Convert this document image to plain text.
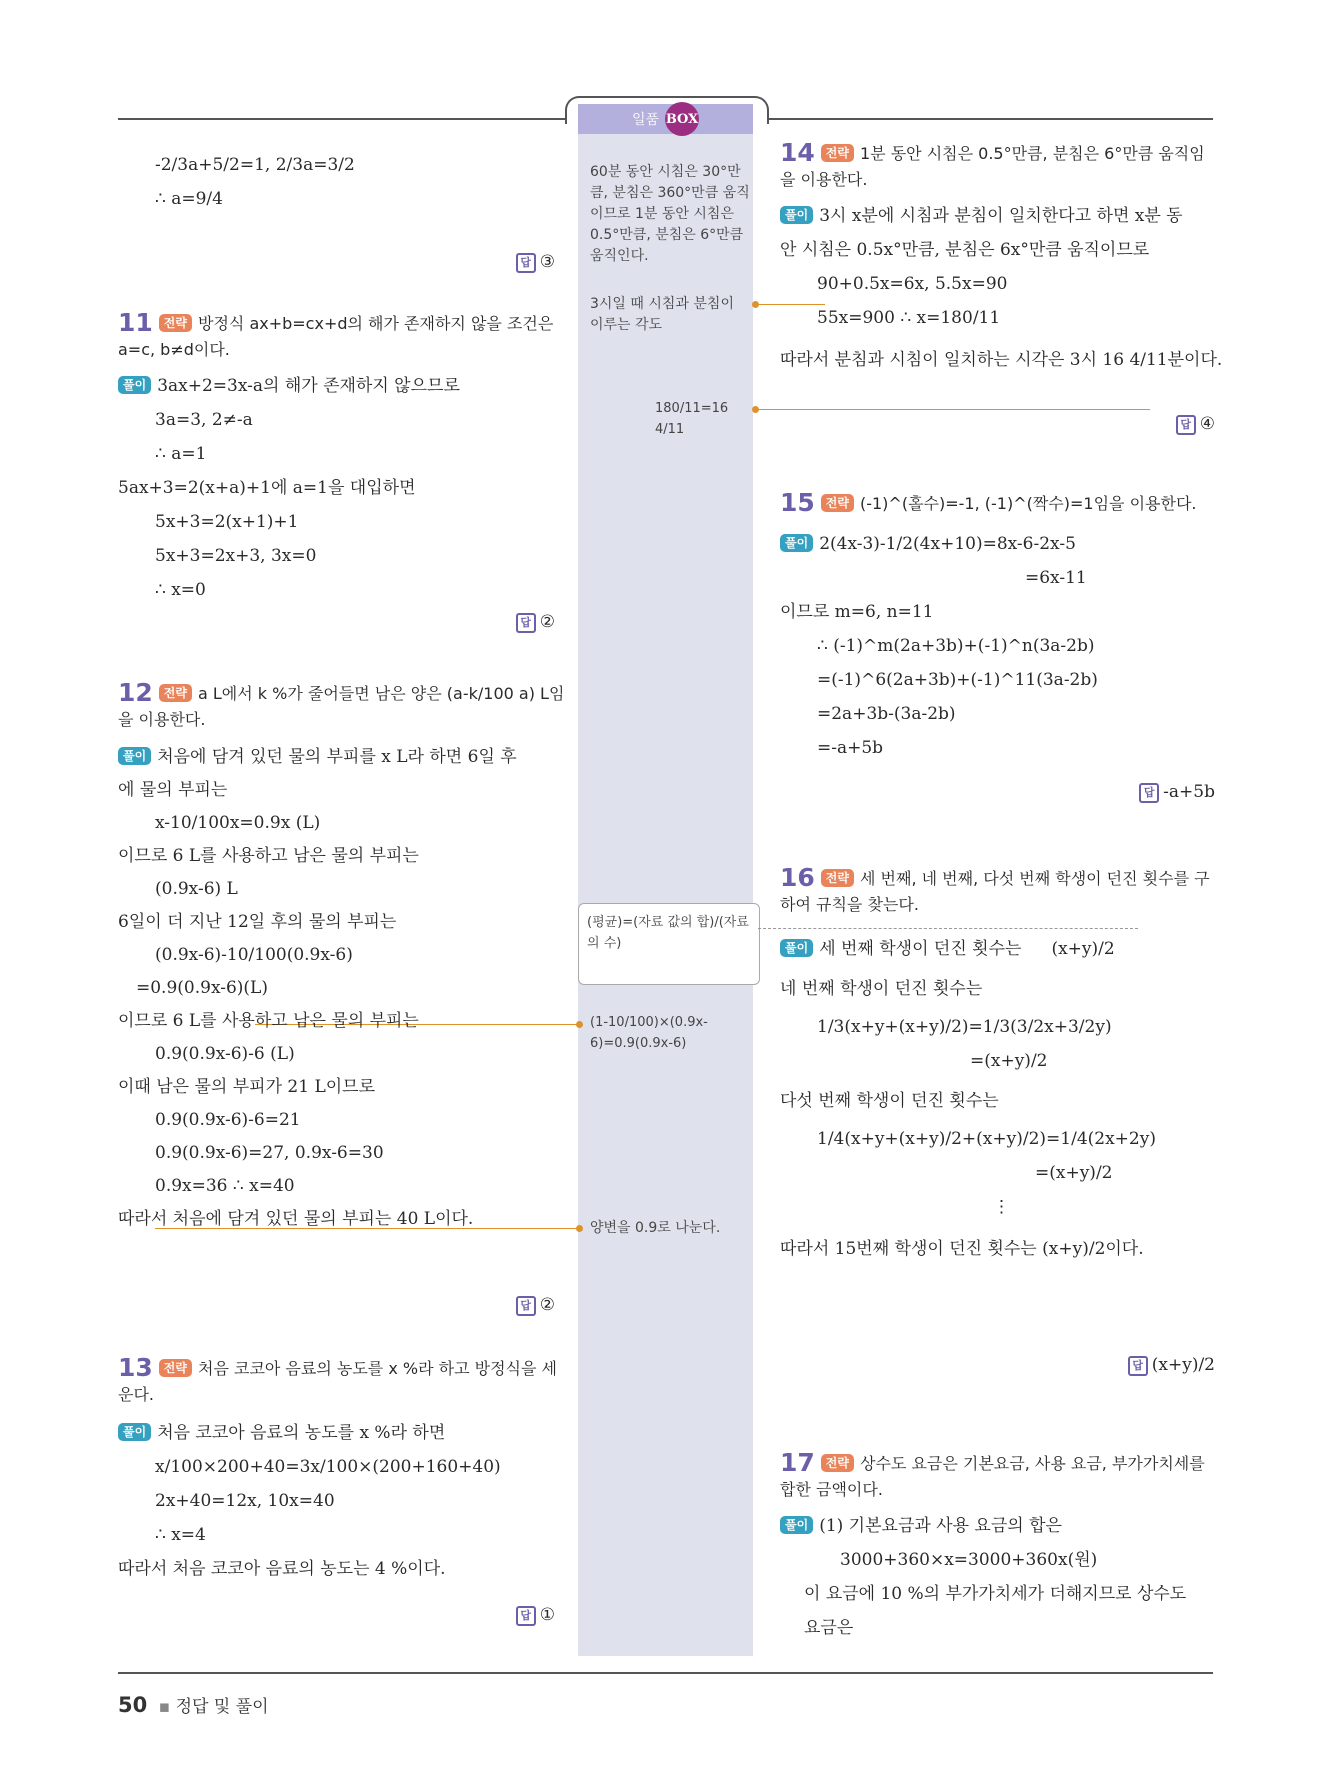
일품 BOX
60분 동안 시침은 30°만큼, 분침은 360°만큼 움직이므로 1분 동안 시침은 0.5°만큼, 분침은 6°만큼 움직인다.
3시일 때 시침과 분침이 이루는 각도
180/11=16 4/11
(평균)=(자료 값의 합)/(자료의 수)
(1-10/100)×(0.9x-6)=0.9(0.9x-6)
양변을 0.9로 나눈다.
-2/3a+5/2=1, 2/3a=3/2
∴ a=9/4
답 ③
11 전략 방정식 ax+b=cx+d의 해가 존재하지 않을 조건은 a=c, b≠d이다.
풀이 3ax+2=3x-a의 해가 존재하지 않으므로
3a=3, 2≠-a
∴ a=1
5ax+3=2(x+a)+1에 a=1을 대입하면
5x+3=2(x+1)+1
5x+3=2x+3, 3x=0
∴ x=0
답 ②
12 전략 a L에서 k %가 줄어들면 남은 양은 (a-k/100 a) L임을 이용한다.
풀이 처음에 담겨 있던 물의 부피를 x L라 하면 6일 후
에 물의 부피는
x-10/100x=0.9x (L)
이므로 6 L를 사용하고 남은 물의 부피는
(0.9x-6) L
6일이 더 지난 12일 후의 물의 부피는
(0.9x-6)-10/100(0.9x-6)
=0.9(0.9x-6)(L)
이므로 6 L를 사용하고 남은 물의 부피는
0.9(0.9x-6)-6 (L)
이때 남은 물의 부피가 21 L이므로
0.9(0.9x-6)-6=21
0.9(0.9x-6)=27, 0.9x-6=30
0.9x=36 ∴ x=40
따라서 처음에 담겨 있던 물의 부피는 40 L이다.
답 ②
13 전략 처음 코코아 음료의 농도를 x %라 하고 방정식을 세운다.
풀이 처음 코코아 음료의 농도를 x %라 하면
x/100×200+40=3x/100×(200+160+40)
2x+40=12x, 10x=40
∴ x=4
따라서 처음 코코아 음료의 농도는 4 %이다.
답 ①
14 전략 1분 동안 시침은 0.5°만큼, 분침은 6°만큼 움직임을 이용한다.
풀이 3시 x분에 시침과 분침이 일치한다고 하면 x분 동
안 시침은 0.5x°만큼, 분침은 6x°만큼 움직이므로
90+0.5x=6x, 5.5x=90
55x=900 ∴ x=180/11
따라서 분침과 시침이 일치하는 시각은 3시 16 4/11분이다.
답 ④
15 전략 (-1)^(홀수)=-1, (-1)^(짝수)=1임을 이용한다.
풀이 2(4x-3)-1/2(4x+10)=8x-6-2x-5
=6x-11
이므로 m=6, n=11
∴ (-1)^m(2a+3b)+(-1)^n(3a-2b)
=(-1)^6(2a+3b)+(-1)^11(3a-2b)
=2a+3b-(3a-2b)
=-a+5b
답 -a+5b
16 전략 세 번째, 네 번째, 다섯 번째 학생이 던진 횟수를 구하여 규칙을 찾는다.
풀이 세 번째 학생이 던진 횟수는 (x+y)/2
네 번째 학생이 던진 횟수는
1/3(x+y+(x+y)/2)=1/3(3/2x+3/2y)
=(x+y)/2
다섯 번째 학생이 던진 횟수는
1/4(x+y+(x+y)/2+(x+y)/2)=1/4(2x+2y)
=(x+y)/2
⋮
따라서 15번째 학생이 던진 횟수는 (x+y)/2이다.
답 (x+y)/2
17 전략 상수도 요금은 기본요금, 사용 요금, 부가가치세를 합한 금액이다.
풀이 (1) 기본요금과 사용 요금의 합은
3000+360×x=3000+360x(원)
이 요금에 10 %의 부가가치세가 더해지므로 상수도
요금은
50 ▪ 정답 및 풀이
